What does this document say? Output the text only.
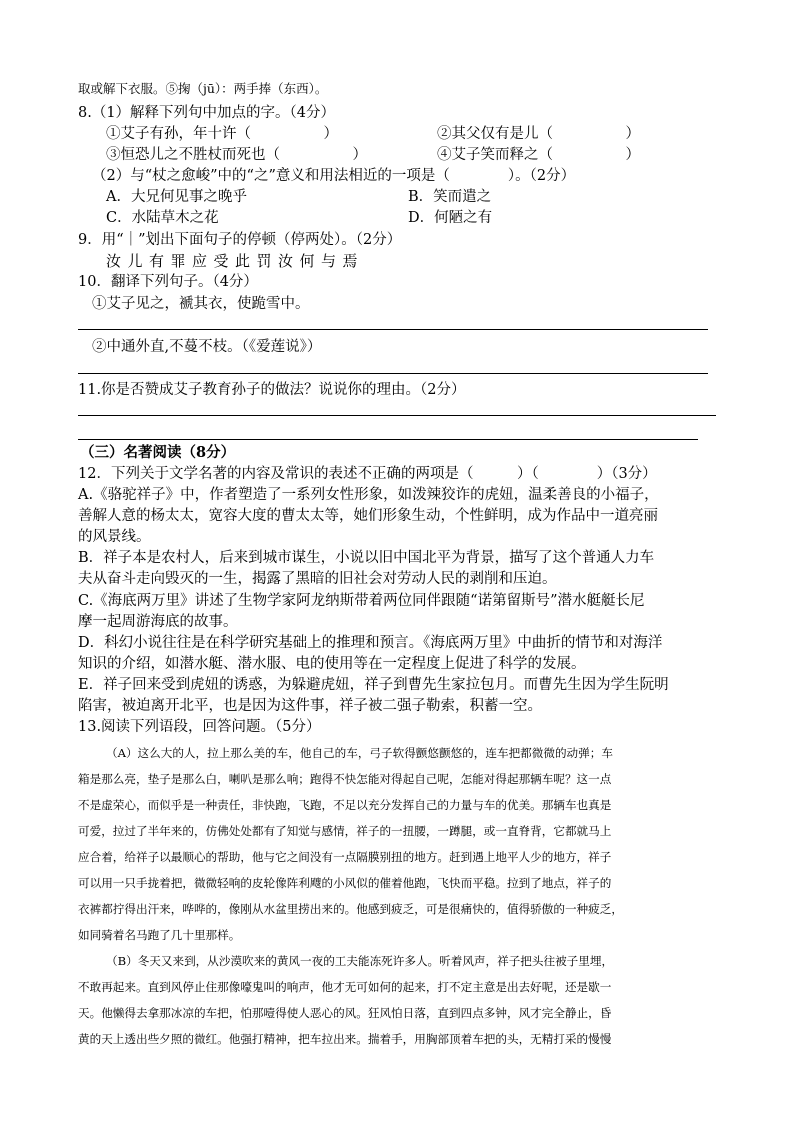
取或解下衣服。⑤掬（jū）：两手捧（东西）。
8.（1）解释下列句中加点的字。（4分）
①艾子有孙，年十许（　　　　　）	②其父仅有是儿（　　　　　）
③恒恐儿之不胜杖而死也（　　　　　）	④艾子笑而释之（　　　　　）
（2）与“杖之愈峻”中的“之”意义和用法相近的一项是（　　　　）。（2分）
A．大兄何见事之晚乎	B．笑而遣之
C．水陆草木之花	D．何陋之有
9．用“｜”划出下面句子的停顿（停两处）。（2分）
汝儿有罪应受此罚汝何与焉
10．翻译下列句子。（4分）
①艾子见之，褫其衣，使跪雪中。
②中通外直,不蔓不枝。（《爱莲说》）
11.你是否赞成艾子教育孙子的做法？说说你的理由。（2分）
（三）名著阅读（8分）
12．下列关于文学名著的内容及常识的表述不正确的两项是（　　　）（　　　　）（3分）
A.《骆驼祥子》中，作者塑造了一系列女性形象，如泼辣狡诈的虎妞，温柔善良的小福子，
善解人意的杨太太，宽容大度的曹太太等，她们形象生动，个性鲜明，成为作品中一道亮丽
的风景线。
B．祥子本是农村人，后来到城市谋生，小说以旧中国北平为背景，描写了这个普通人力车
夫从奋斗走向毁灭的一生，揭露了黑暗的旧社会对劳动人民的剥削和压迫。
C.《海底两万里》讲述了生物学家阿龙纳斯带着两位同伴跟随“诺第留斯号”潜水艇艇长尼
摩一起周游海底的故事。
D．科幻小说往往是在科学研究基础上的推理和预言。《海底两万里》中曲折的情节和对海洋
知识的介绍，如潜水艇、潜水服、电的使用等在一定程度上促进了科学的发展。
E．祥子回来受到虎妞的诱惑，为躲避虎妞，祥子到曹先生家拉包月。而曹先生因为学生阮明
陷害，被迫离开北平，也是因为这件事，祥子被二强子勒索，积蓄一空。
13.阅读下列语段，回答问题。（5分）
（A）这么大的人，拉上那么美的车，他自己的车，弓子软得颤悠颤悠的，连车把都微微的动弹；车
箱是那么亮，垫子是那么白，喇叭是那么响；跑得不快怎能对得起自己呢，怎能对得起那辆车呢？这一点
不是虚荣心，而似乎是一种责任，非快跑，飞跑，不足以充分发挥自己的力量与车的优美。那辆车也真是
可爱，拉过了半年来的，仿佛处处都有了知觉与感情，祥子的一扭腰，一蹲腿，或一直脊背，它都就马上
应合着，给祥子以最顺心的帮助，他与它之间没有一点隔膜别扭的地方。赶到遇上地平人少的地方，祥子
可以用一只手拢着把，微微轻响的皮轮像阵利飕的小风似的催着他跑，飞快而平稳。拉到了地点，祥子的
衣裤都拧得出汗来，哗哗的，像刚从水盆里捞出来的。他感到疲乏，可是很痛快的，值得骄傲的一种疲乏，
如同骑着名马跑了几十里那样。
（B）冬天又来到，从沙漠吹来的黄风一夜的工夫能冻死许多人。听着风声，祥子把头往被子里埋，
不敢再起来。直到风停止住那像嚎鬼叫的响声，他才无可如何的起来，打不定主意是出去好呢，还是歇一
天。他懒得去拿那冰凉的车把，怕那噎得使人恶心的风。狂风怕日落，直到四点多钟，风才完全静止，昏
黄的天上透出些夕照的微红。他强打精神，把车拉出来。揣着手，用胸部顶着车把的头，无精打采的慢慢
